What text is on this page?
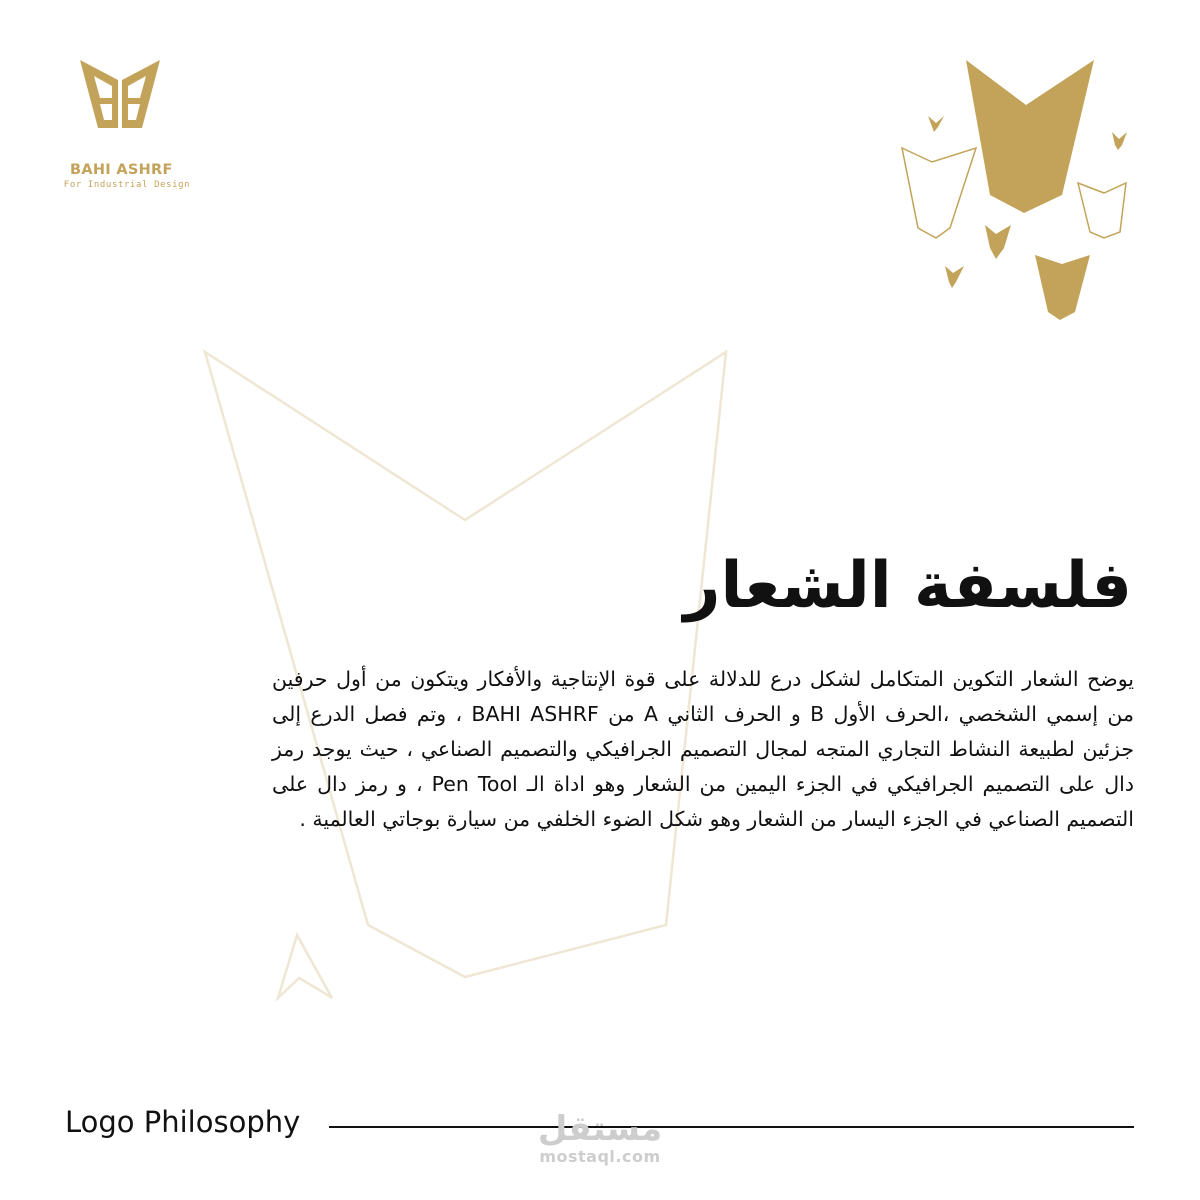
BAHI ASHRF
For Industrial Design
فلسفة الشعار

يوضح الشعار التكوين المتكامل لشكل درع للدلالة على قوة الإنتاجية والأفكار ويتكون من أول حرفين من إسمي الشخصي ،الحرف الأول B و الحرف الثاني A من BAHI ASHRF ، وتم فصل الدرع إلى جزئين لطبيعة النشاط التجاري المتجه لمجال التصميم الجرافيكي والتصميم الصناعي ، حيث يوجد رمز دال على التصميم الجرافيكي في الجزء اليمين من الشعار وهو اداة الـ Pen Tool ، و رمز دال على التصميم الصناعي في الجزء اليسار من الشعار وهو شكل الضوء الخلفي من سيارة بوجاتي العالمية .

Logo Philosophy	مستقل
mostaql.com
